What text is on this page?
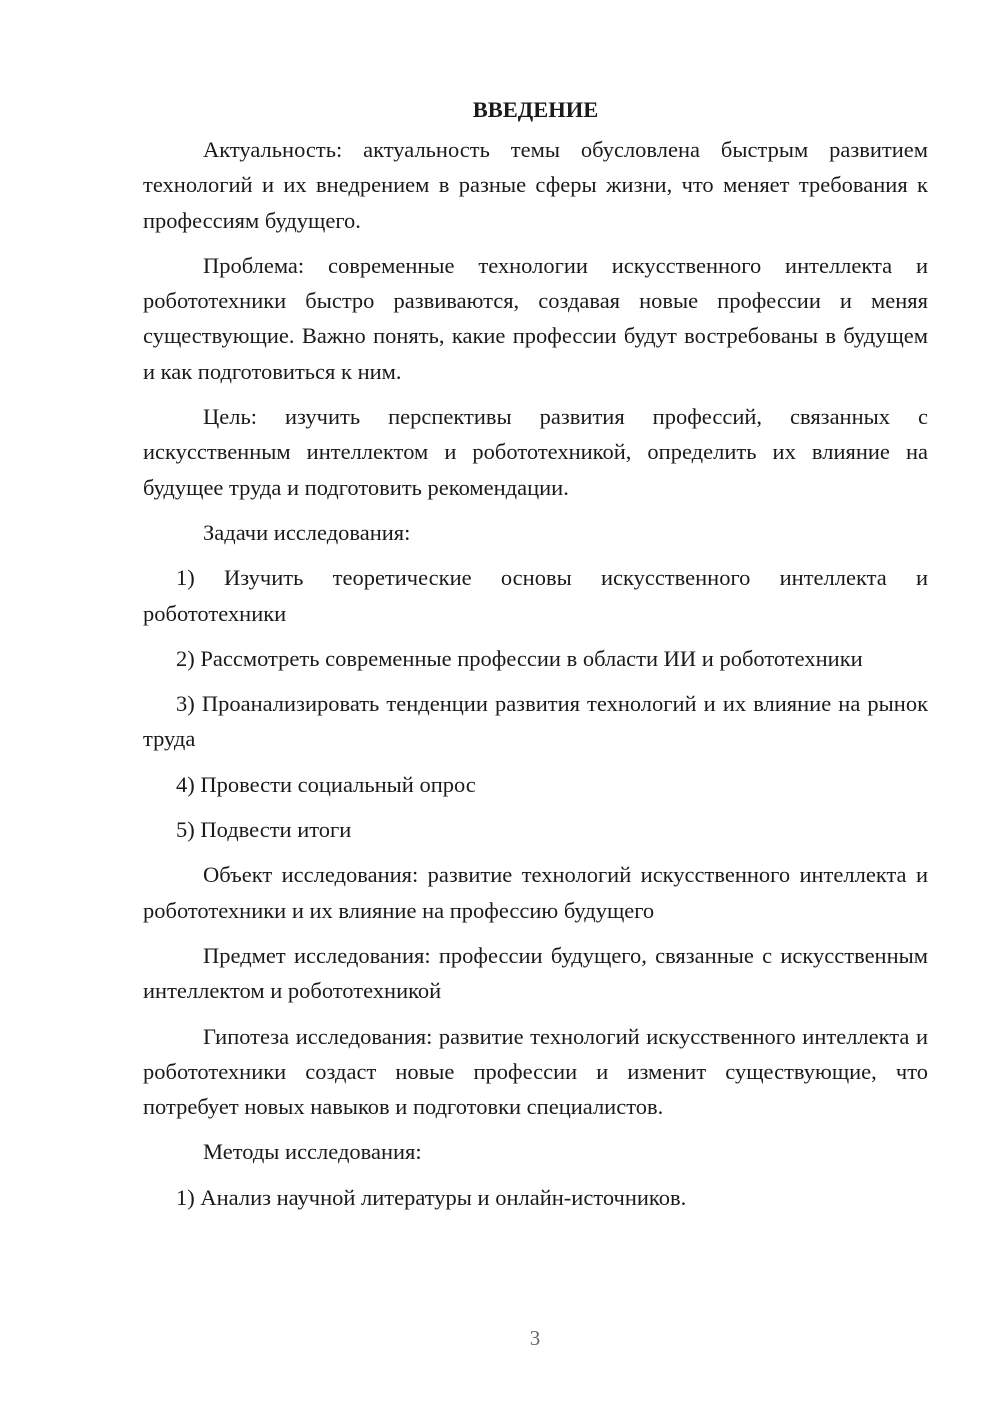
ВВЕДЕНИЕ

Актуальность: актуальность темы обусловлена быстрым развитием технологий и их внедрением в разные сферы жизни, что меняет требования к профессиям будущего.

Проблема: современные технологии искусственного интеллекта и робототехники быстро развиваются, создавая новые профессии и меняя существующие. Важно понять, какие профессии будут востребованы в будущем и как подготовиться к ним.

Цель: изучить перспективы развития профессий, связанных с искусственным интеллектом и робототехникой, определить их влияние на будущее труда и подготовить рекомендации.

Задачи исследования:

1) Изучить теоретические основы искусственного интеллекта и робототехники

2) Рассмотреть современные профессии в области ИИ и робототехники

3) Проанализировать тенденции развития технологий и их влияние на рынок труда

4) Провести социальный опрос

5) Подвести итоги

Объект исследования: развитие технологий искусственного интеллекта и робототехники и их влияние на профессию будущего

Предмет исследования: профессии будущего, связанные с искусственным интеллектом и робототехникой

Гипотеза исследования: развитие технологий искусственного интеллекта и робототехники создаст новые профессии и изменит существующие, что потребует новых навыков и подготовки специалистов.

Методы исследования:

1) Анализ научной литературы и онлайн-источников.

3
